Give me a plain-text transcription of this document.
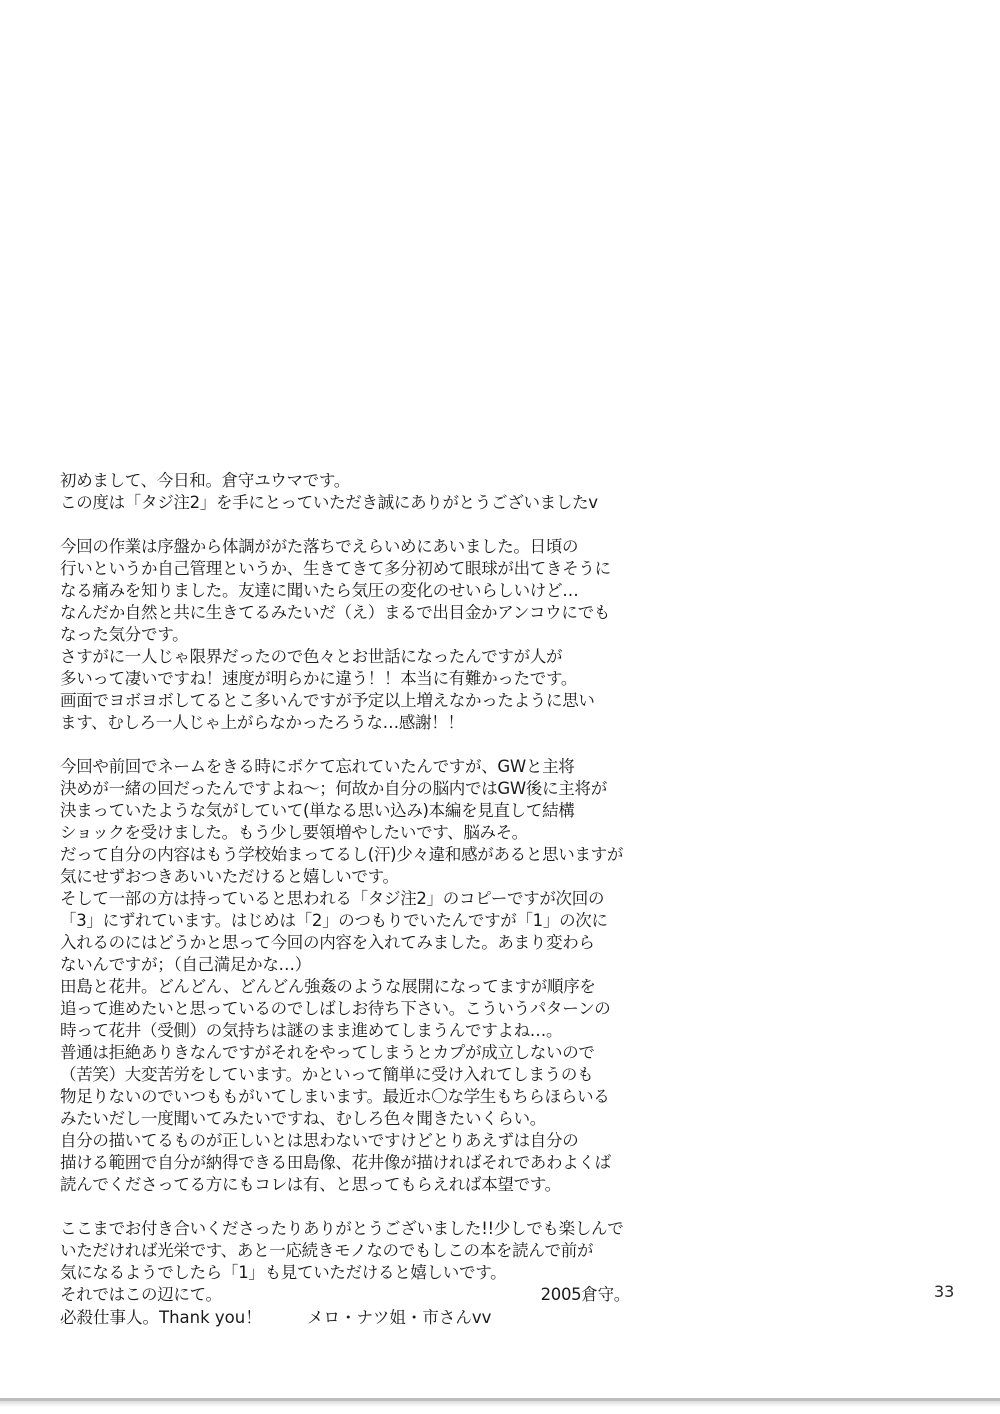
初めまして、今日和。倉守ユウマです。
この度は「タジ注2」を手にとっていただき誠にありがとうございましたv
今回の作業は序盤から体調ががた落ちでえらいめにあいました。日頃の
行いというか自己管理というか、生きてきて多分初めて眼球が出てきそうに
なる痛みを知りました。友達に聞いたら気圧の変化のせいらしいけど…
なんだか自然と共に生きてるみたいだ（え）まるで出目金かアンコウにでも
なった気分です。
さすがに一人じゃ限界だったので色々とお世話になったんですが人が
多いって凄いですね！速度が明らかに違う！！本当に有難かったです。
画面でヨボヨボしてるとこ多いんですが予定以上増えなかったように思い
ます、むしろ一人じゃ上がらなかったろうな…感謝！！
今回や前回でネームをきる時にボケて忘れていたんですが、GWと主将
決めが一緒の回だったんですよね～；何故か自分の脳内ではGW後に主将が
決まっていたような気がしていて(単なる思い込み)本編を見直して結構
ショックを受けました。もう少し要領増やしたいです、脳みそ。
だって自分の内容はもう学校始まってるし(汗)少々違和感があると思いますが
気にせずおつきあいいただけると嬉しいです。
そして一部の方は持っていると思われる「タジ注2」のコピーですが次回の
「3」にずれています。はじめは「2」のつもりでいたんですが「1」の次に
入れるのにはどうかと思って今回の内容を入れてみました。あまり変わら
ないんですが；（自己満足かな…）
田島と花井。どんどん、どんどん強姦のような展開になってますが順序を
追って進めたいと思っているのでしばしお待ち下さい。こういうパターンの
時って花井（受側）の気持ちは謎のまま進めてしまうんですよね…。
普通は拒絶ありきなんですがそれをやってしまうとカプが成立しないので
（苦笑）大変苦労をしています。かといって簡単に受け入れてしまうのも
物足りないのでいつももがいてしまいます。最近ホ〇な学生もちらほらいる
みたいだし一度聞いてみたいですね、むしろ色々聞きたいくらい。
自分の描いてるものが正しいとは思わないですけどとりあえずは自分の
描ける範囲で自分が納得できる田島像、花井像が描ければそれであわよくば
読んでくださってる方にもコレは有、と思ってもらえれば本望です。
ここまでお付き合いくださったりありがとうございました!!少しでも楽しんで
いただければ光栄です、あと一応続きモノなのでもしこの本を読んで前が
気になるようでしたら「1」も見ていただけると嬉しいです。
それではこの辺にて。	2005倉守。	33
必殺仕事人。Thank you！	メロ・ナツ姐・市さんvv
